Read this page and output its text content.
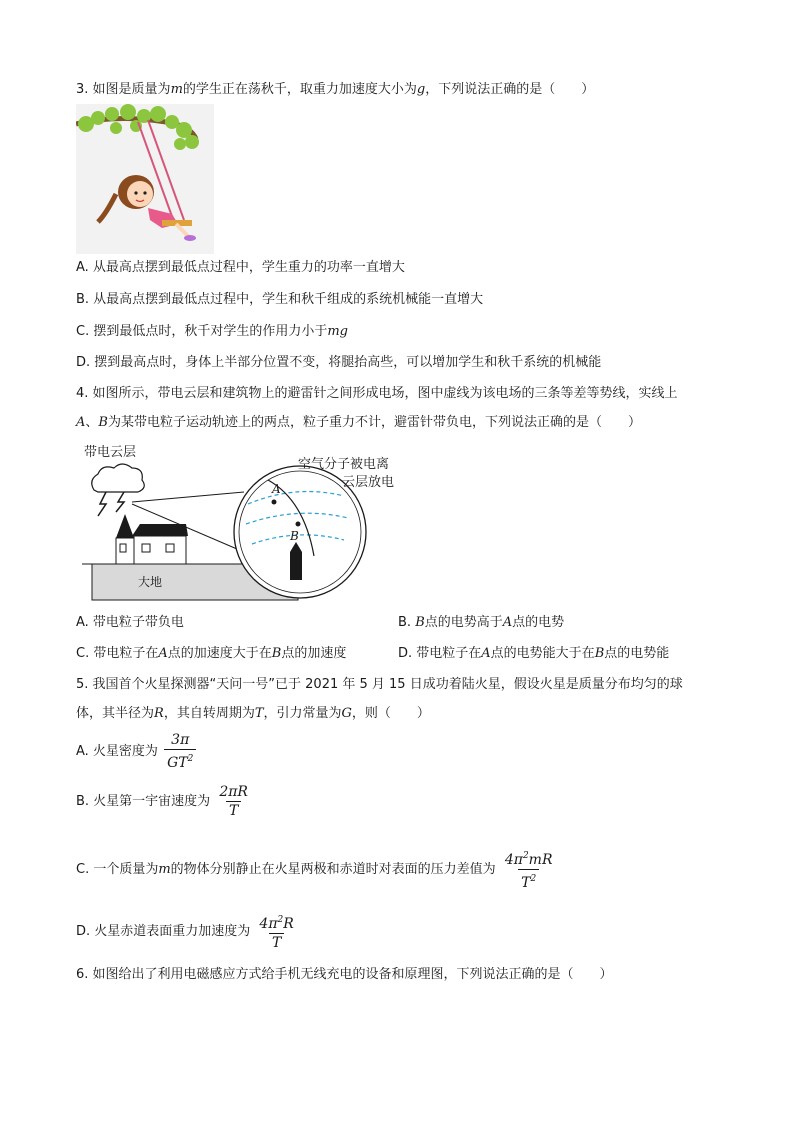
3. 如图是质量为m的学生正在荡秋千，取重力加速度大小为g，下列说法正确的是（　　）
A. 从最高点摆到最低点过程中，学生重力的功率一直增大
B. 从最高点摆到最低点过程中，学生和秋千组成的系统机械能一直增大
C. 摆到最低点时，秋千对学生的作用力小于mg
D. 摆到最高点时，身体上半部分位置不变，将腿抬高些，可以增加学生和秋千系统的机械能
4. 如图所示，带电云层和建筑物上的避雷针之间形成电场，图中虚线为该电场的三条等差等势线，实线上
A、B为某带电粒子运动轨迹上的两点，粒子重力不计，避雷针带负电，下列说法正确的是（　　）
带电云层
大地
A
B
空气分子被电离
云层放电
A. 带电粒子带负电	B. B点的电势高于A点的电势
C. 带电粒子在A点的加速度大于在B点的加速度	D. 带电粒子在A点的电势能大于在B点的电势能
5. 我国首个火星探测器“天问一号”已于 2021 年 5 月 15 日成功着陆火星，假设火星是质量分布均匀的球
体，其半径为R，其自转周期为T，引力常量为G，则（　　）
A. 火星密度为 $\frac{3\pi}{GT^2}$
B. 火星第一宇宙速度为 $\frac{2\pi R}{T}$
C. 一个质量为m的物体分别静止在火星两极和赤道时对表面的压力差值为 $\frac{4\pi^2mR}{T^2}$
D. 火星赤道表面重力加速度为 $\frac{4\pi^2R}{T}$
6. 如图给出了利用电磁感应方式给手机无线充电的设备和原理图，下列说法正确的是（　　）
